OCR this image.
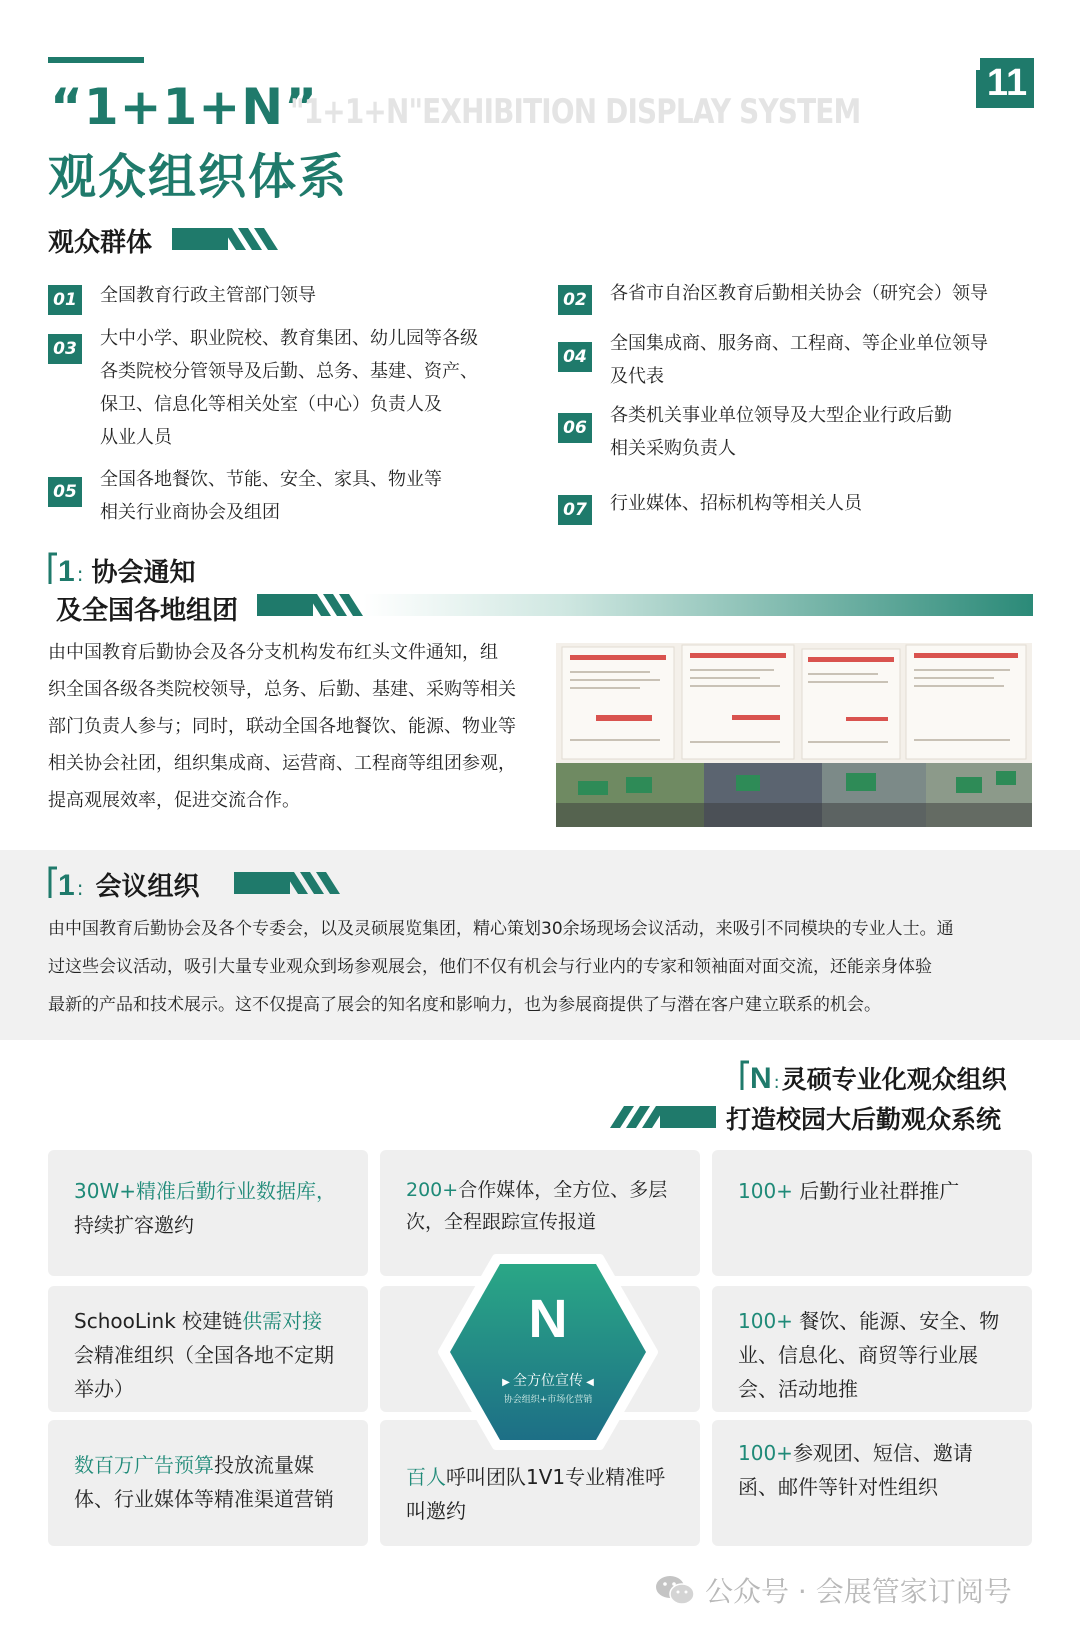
“1+1+N”
"1+1+N"EXHIBITION DISPLAY SYSTEM
观众组织体系
11
观众群体
01 全国教育行政主管部门领导	02 各省市自治区教育后勤相关协会（研究会）领导
03 大中小学、职业院校、教育集团、幼儿园等各级
各类院校分管领导及后勤、总务、基建、资产、
保卫、信息化等相关处室（中心）负责人及
从业人员
04
全国集成商、服务商、工程商、等企业单位领导
及代表
06
各类机关事业单位领导及大型企业行政后勤
相关采购负责人
05
全国各地餐饮、节能、安全、家具、物业等
相关行业商协会及组团	07 行业媒体、招标机构等相关人员
1 : 协会通知
及全国各地组团
由中国教育后勤协会及各分支机构发布红头文件通知，组
织全国各级各类院校领导，总务、后勤、基建、采购等相关
部门负责人参与；同时，联动全国各地餐饮、能源、物业等
相关协会社团，组织集成商、运营商、工程商等组团参观，
提高观展效率，促进交流合作。
1 : 会议组织
由中国教育后勤协会及各个专委会，以及灵硕展览集团，精心策划30余场现场会议活动，来吸引不同模块的专业人士。通
过这些会议活动，吸引大量专业观众到场参观展会，他们不仅有机会与行业内的专家和领袖面对面交流，还能亲身体验
最新的产品和技术展示。这不仅提高了展会的知名度和影响力，也为参展商提供了与潜在客户建立联系的机会。
N : 灵硕专业化观众组织
打造校园大后勤观众系统
30W+精准后勤行业数据库，
持续扩容邀约
200+合作媒体，全方位、多层次，全程跟踪宣传报道
100+ 后勤行业社群推广
SchooLink 校建链供需对接会精准组织（全国各地不定期举办）
100+ 餐饮、能源、安全、物业、信息化、商贸等行业展会、活动地推
数百万广告预算投放流量媒体、行业媒体等精准渠道营销
百人呼叫团队1V1专业精准呼叫邀约
100+参观团、短信、邀请函、邮件等针对性组织
N
▶ 全方位宣传 ◀
协会组织+市场化营销
公众号 · 会展管家订阅号
